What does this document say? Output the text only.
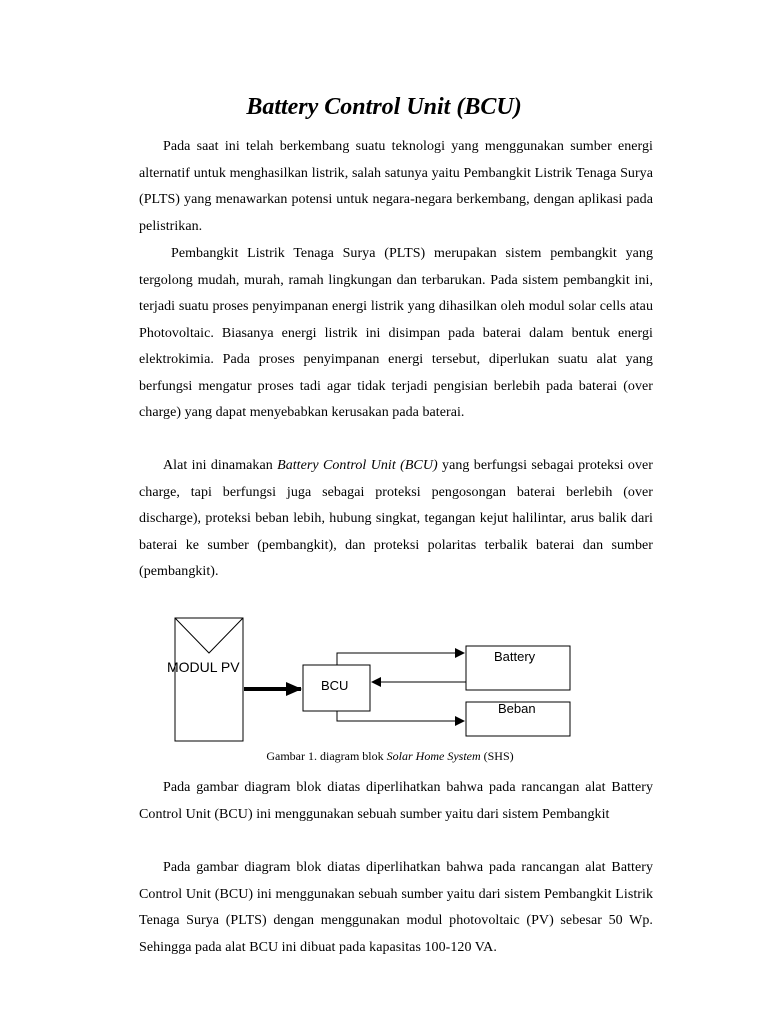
Battery Control Unit (BCU)

Pada saat ini telah berkembang suatu teknologi yang menggunakan sumber energi alternatif untuk menghasilkan listrik, salah satunya yaitu Pembangkit Listrik Tenaga Surya (PLTS) yang menawarkan potensi untuk negara-negara berkembang, dengan aplikasi pada pelistrikan.

Pembangkit Listrik Tenaga Surya (PLTS) merupakan sistem pembangkit yang tergolong mudah, murah, ramah lingkungan dan terbarukan. Pada sistem pembangkit ini, terjadi suatu proses penyimpanan energi listrik yang dihasilkan oleh modul solar cells atau Photovoltaic. Biasanya energi listrik ini disimpan pada baterai dalam bentuk energi elektrokimia. Pada proses penyimpanan energi tersebut, diperlukan suatu alat yang berfungsi mengatur proses tadi agar tidak terjadi pengisian berlebih pada baterai (over charge) yang dapat menyebabkan kerusakan pada baterai.

Alat ini dinamakan Battery Control Unit (BCU) yang berfungsi sebagai proteksi over charge, tapi berfungsi juga sebagai proteksi pengosongan baterai berlebih (over discharge), proteksi beban lebih, hubung singkat, tegangan kejut halilintar, arus balik dari baterai ke sumber (pembangkit), dan proteksi polaritas terbalik baterai dan sumber (pembangkit).

MODUL PV
BCU
Battery
Beban
Gambar 1. diagram blok Solar Home System (SHS)

Pada gambar diagram blok diatas diperlihatkan bahwa pada rancangan alat Battery Control Unit (BCU) ini menggunakan sebuah sumber yaitu dari sistem Pembangkit

Pada gambar diagram blok diatas diperlihatkan bahwa pada rancangan alat Battery Control Unit (BCU) ini menggunakan sebuah sumber yaitu dari sistem Pembangkit Listrik Tenaga Surya (PLTS) dengan menggunakan modul photovoltaic (PV) sebesar 50 Wp. Sehingga pada alat BCU ini dibuat pada kapasitas 100-120 VA.
